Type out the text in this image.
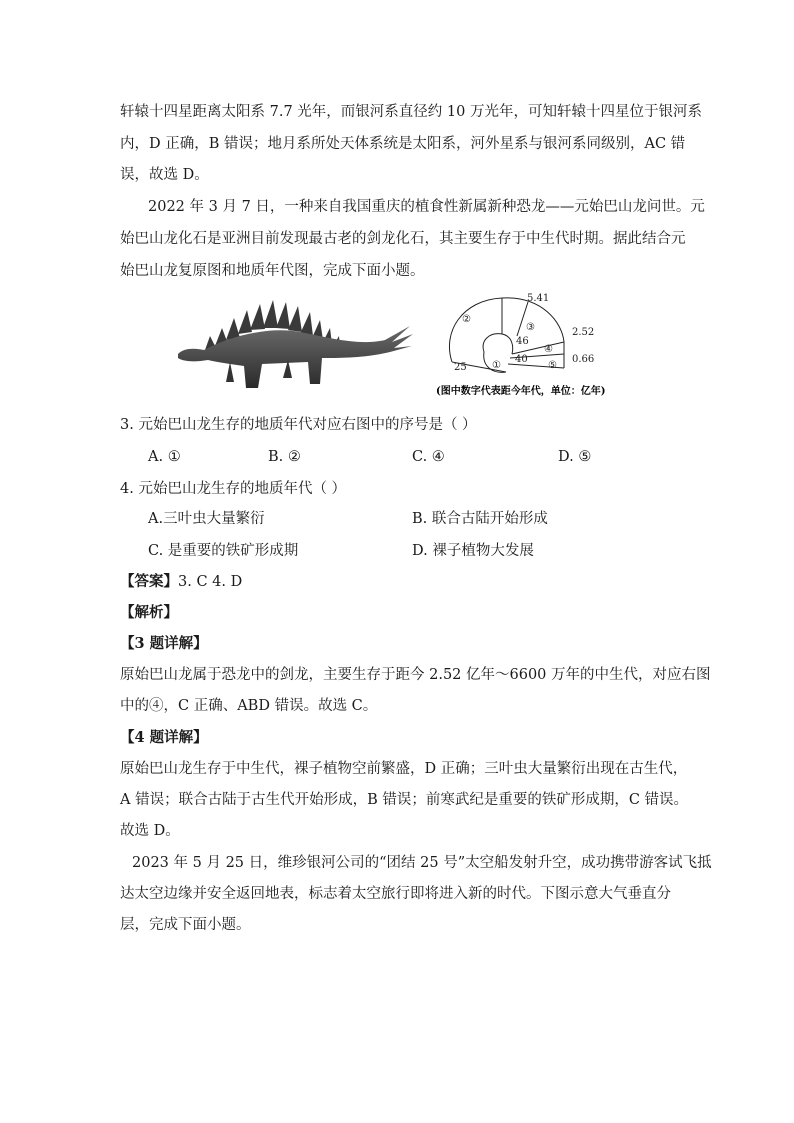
轩辕十四星距离太阳系 7.7 光年，而银河系直径约 10 万光年，可知轩辕十四星位于银河系
内，D 正确，B 错误；地月系所处天体系统是太阳系，河外星系与银河系同级别，AC 错
误，故选 D。
2022 年 3 月 7 日，一种来自我国重庆的植食性新属新种恐龙——元始巴山龙问世。元
始巴山龙化石是亚洲目前发现最古老的剑龙化石，其主要生存于中生代时期。据此结合元
始巴山龙复原图和地质年代图，完成下面小题。
5.41
2.52
0.66
46
40
25
②
③
④
⑤
①
(图中数字代表距今年代，单位：亿年)
3. 元始巴山龙生存的地质年代对应右图中的序号是（ ）
A. ①	B. ②	C. ④	D. ⑤
4. 元始巴山龙生存的地质年代（ ）
A.三叶虫大量繁衍	B. 联合古陆开始形成
C. 是重要的铁矿形成期	D. 裸子植物大发展
【答案】3. C 4. D
【解析】
【3 题详解】
原始巴山龙属于恐龙中的剑龙，主要生存于距今 2.52 亿年～6600 万年的中生代，对应右图
中的④，C 正确、ABD 错误。故选 C。
【4 题详解】
原始巴山龙生存于中生代，裸子植物空前繁盛，D 正确；三叶虫大量繁衍出现在古生代，
A 错误；联合古陆于古生代开始形成，B 错误；前寒武纪是重要的铁矿形成期，C 错误。
故选 D。
2023 年 5 月 25 日，维珍银河公司的“团结 25 号”太空船发射升空，成功携带游客试飞抵
达太空边缘并安全返回地表，标志着太空旅行即将进入新的时代。下图示意大气垂直分
层，完成下面小题。
